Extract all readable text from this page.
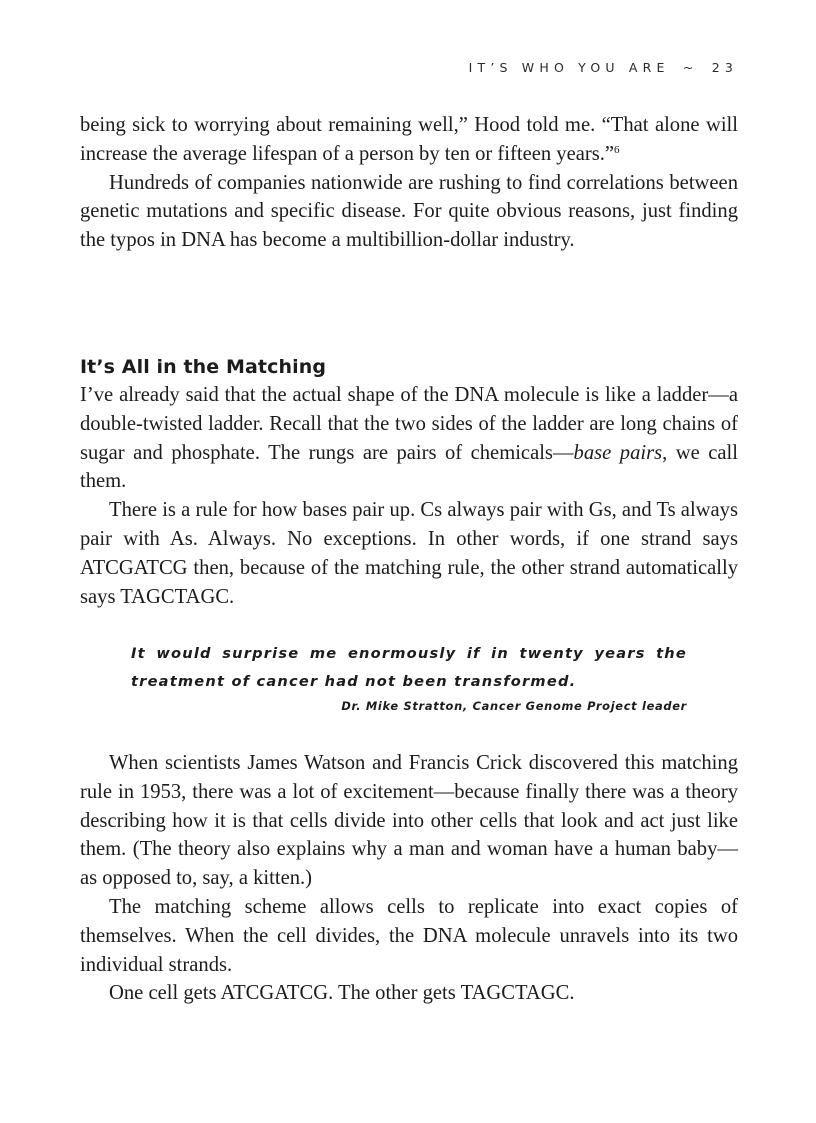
IT’S WHO YOU ARE ~ 23

being sick to worrying about remaining well,” Hood told me. “That alone will increase the average lifespan of a person by ten or fifteen years.”$^6$

Hundreds of companies nationwide are rushing to find correlations between genetic mutations and specific disease. For quite obvious reasons, just finding the typos in DNA has become a multibillion-dollar industry.

It’s All in the Matching

I’ve already said that the actual shape of the DNA molecule is like a ladder—a double-twisted ladder. Recall that the two sides of the ladder are long chains of sugar and phosphate. The rungs are pairs of chemicals—base pairs, we call them.

There is a rule for how bases pair up. Cs always pair with Gs, and Ts always pair with As. Always. No exceptions. In other words, if one strand says ATCGATCG then, because of the matching rule, the other strand automatically says TAGCTAGC.

It would surprise me enormously if in twenty years the treatment of cancer had not been transformed.

Dr. Mike Stratton, Cancer Genome Project leader

When scientists James Watson and Francis Crick discovered this matching rule in 1953, there was a lot of excitement—because finally there was a theory describing how it is that cells divide into other cells that look and act just like them. (The theory also explains why a man and woman have a human baby—as opposed to, say, a kitten.)

The matching scheme allows cells to replicate into exact copies of themselves. When the cell divides, the DNA molecule unravels into its two individual strands.

One cell gets ATCGATCG. The other gets TAGCTAGC.
